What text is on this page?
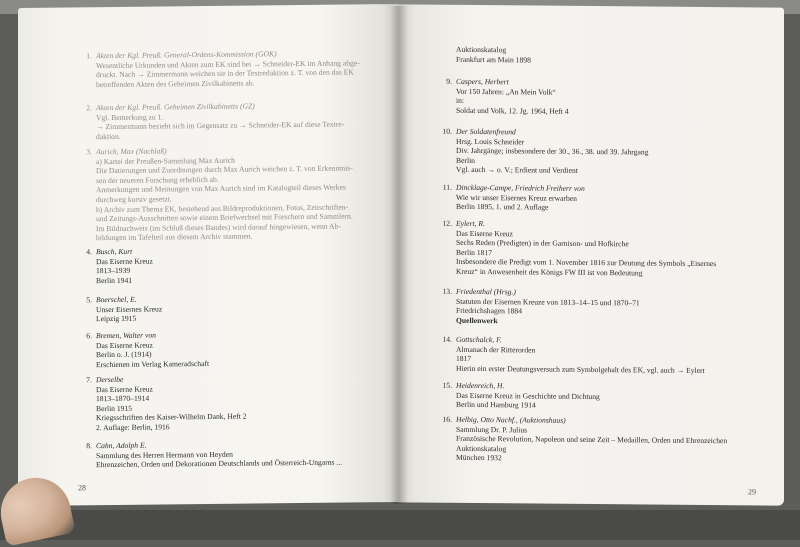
1. Akten der Kgl. Preuß. General-Ordens-Kommission (GOK)
Wesentliche Urkunden und Akten zum EK sind bei → Schneider-EK im Anhang abge-
druckt. Nach → Zimmermann weichen sie in der Textredaktion z. T. von den das EK
betreffenden Akten des Geheimen Zivilkabinetts ab.
2. Akten der Kgl. Preuß. Geheimen Zivilkabinetts (GZ)
Vgl. Bemerkung zu 1.
→ Zimmermann bezieht sich im Gegensatz zu → Schneider-EK auf diese Textre-
daktion.
3. Aurich, Max (Nachlaß)
a) Kartei der Preußen-Sammlung Max Aurich
Die Datierungen und Zuordnungen durch Max Aurich weichen z. T. von Erkenntnis-
sen der neueren Forschung erheblich ab.
Anmerkungen und Meinungen von Max Aurich sind im Katalogteil dieses Werkes
durchweg kursiv gesetzt.
b) Archiv zum Thema EK, bestehend aus Bildreproduktionen, Fotos, Zeitschriften-
und Zeitungs-Ausschnitten sowie einem Briefwechsel mit Forschern und Sammlern.
Im Bildnachweis (im Schluß dieses Bandes) wird darauf hingewiesen, wenn Ab-
bildungen im Tafelteil aus diesem Archiv stammen.
4. Busch, Kurt
Das Eiserne Kreuz
1813–1939
Berlin 1941
5. Boerschel, E.
Unser Eisernes Kreuz
Leipzig 1915
6. Bremen, Walter von
Das Eiserne Kreuz
Berlin o. J. (1914)
Erschienen im Verlag Kameradschaft
7. Derselbe
Das Eiserne Kreuz
1813–1870–1914
Berlin 1915
Kriegsschriften des Kaiser-Wilhelm Dank, Heft 2
2. Auflage: Berlin, 1916
8. Cahn, Adolph E.
Sammlung des Herren Hermann von Heyden
Ehrenzeichen, Orden und Dekorationen Deutschlands und Österreich-Ungarns ...
28
Auktionskatalog
Frankfurt am Main 1898
9. Caspers, Herbert
Vor 150 Jahren: „An Mein Volk“
in:
Soldat und Volk, 12. Jg. 1964, Heft 4
10. Der Soldatenfreund
Hrsg. Louis Schneider
Div. Jahrgänge; insbesondere der 30., 36., 38. und 39. Jahrgang
Berlin
Vgl. auch → o. V.; Erdient und Verdient
11. Dincklage-Campe, Friedrich Freiherr von
Wie wir unser Eisernes Kreuz erwarben
Berlin 1895, 1. und 2. Auflage
12. Eylert, R.
Das Eiserne Kreuz
Sechs Reden (Predigten) in der Garnison- und Hofkirche
Berlin 1817
Insbesondere die Predigt vom 1. November 1816 zur Deutung des Symbols „Eisernes
Kreuz“ in Anwesenheit des Königs FW III ist von Bedeutung
13. Friedenthal (Hrsg.)
Statuten der Eisernen Kreuze von 1813–14–15 und 1870–71
Friedrichshagen 1884
Quellenwerk
14. Gottschalck, F.
Almanach der Ritterorden
1817
Hierin ein erster Deutungsversuch zum Symbolgehalt des EK, vgl. auch → Eylert
15. Heidenreich, H.
Das Eiserne Kreuz in Geschichte und Dichtung
Berlin und Hamburg 1914
16. Helbig, Otto Nachf., (Auktionshaus)
Sammlung Dr. P. Julius
Französische Revolution, Napoleon und seine Zeit – Medaillen, Orden und Ehrenzeichen
Auktionskatalog
München 1932
29
